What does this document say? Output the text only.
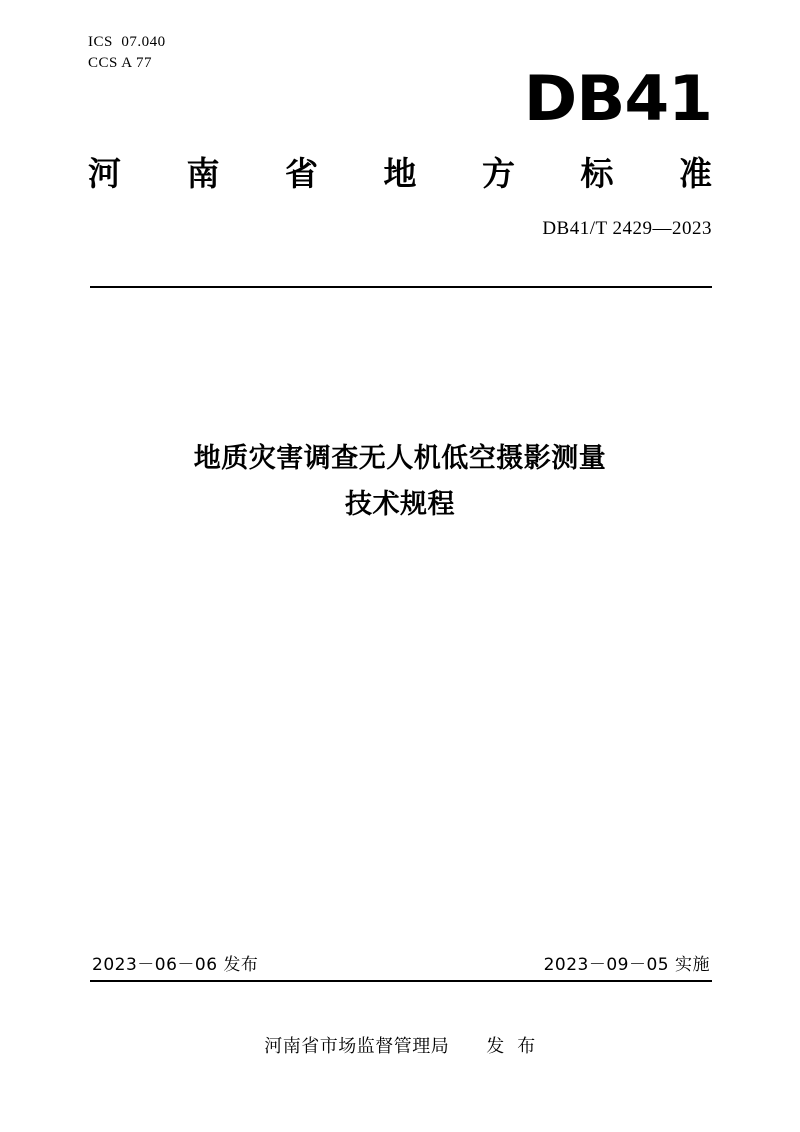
ICS  07.040
CCS A 77	DB41
河南省地方标准
DB41/T 2429—2023
地质灾害调查无人机低空摄影测量
技术规程
2023－06－06 发布	2023－09－05 实施
河南省市场监督管理局　　发  布
